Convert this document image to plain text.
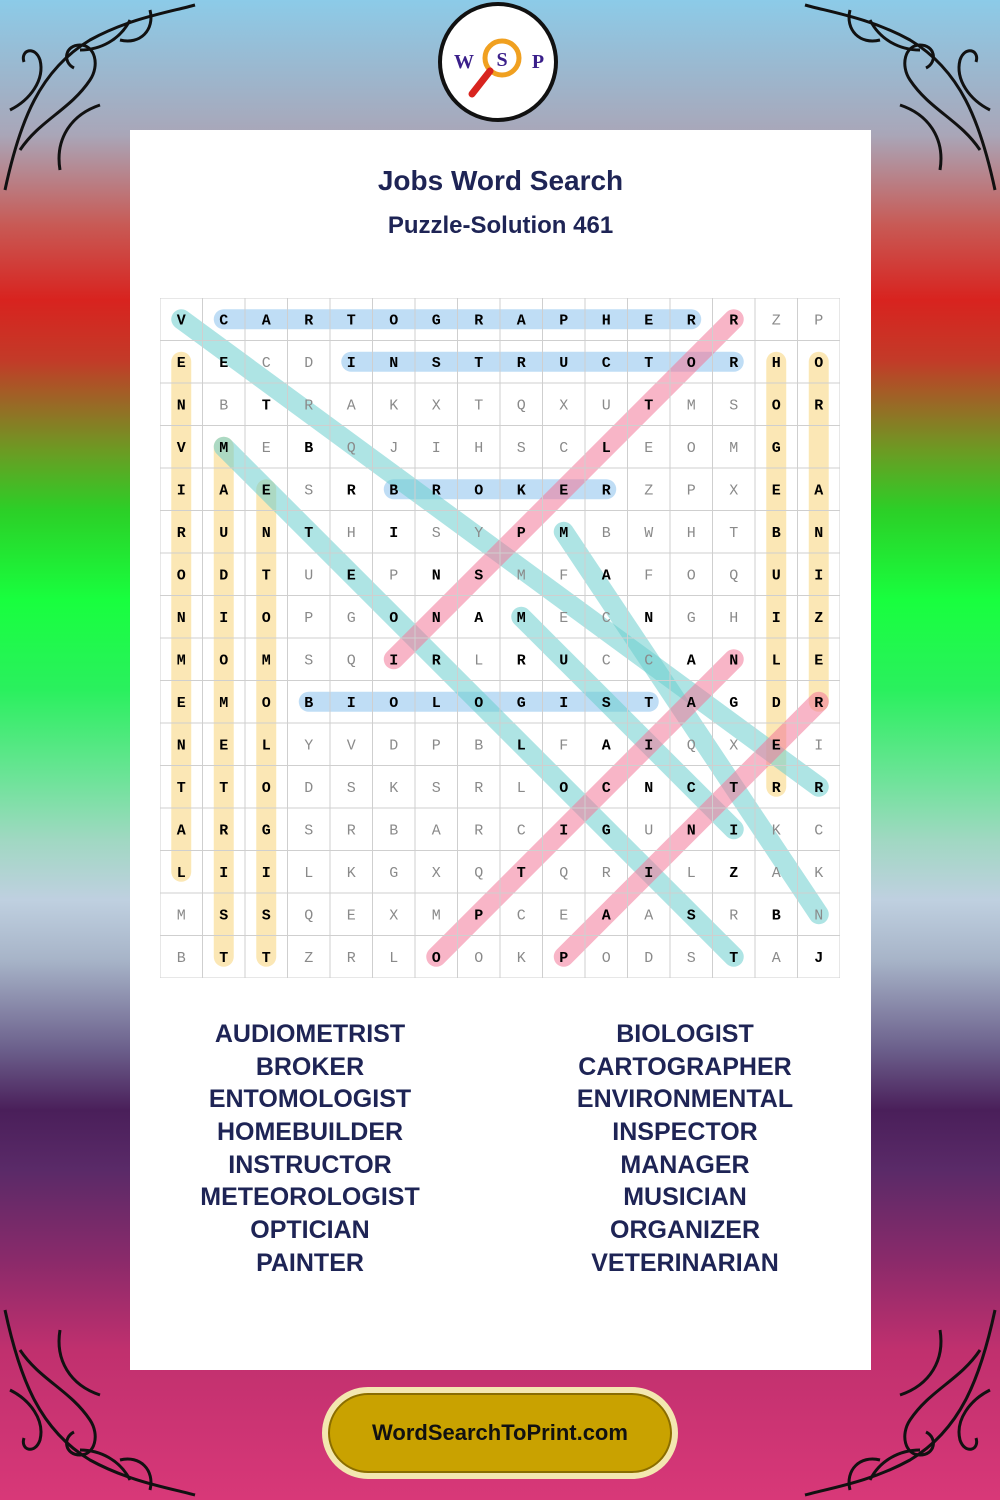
W S P
Jobs Word Search
Puzzle-Solution 461
V C A R T O G R A P H E R R Z P
E E C D I N S T R U C T O R H O
N B T R A K X T Q X U T M S O R
V M E B Q J I H S C L E O M G
I A E S R B R O K E R Z P X E A
R U N T H I S Y P M B W H T B N
O D T U E P N S M F A F O Q U I
N I O P G O N A M E C N G H I Z
M O M S Q I R L R U C C A N L E
E M O B I O L O G I S T A G D R
N E L Y V D P B L F A I Q X E I
T T O D S K S R L O C N C T R R
A R G S R B A R C I G U N I K C
L I I L K G X Q T Q R I L Z A K
M S S Q E X M P C E A A S R B N
B T T Z R L O O K P O D S T A J
AUDIOMETRIST
BROKER
ENTOMOLOGIST
HOMEBUILDER
INSTRUCTOR
METEOROLOGIST
OPTICIAN
PAINTER
BIOLOGIST
CARTOGRAPHER
ENVIRONMENTAL
INSPECTOR
MANAGER
MUSICIAN
ORGANIZER
VETERINARIAN
WordSearchToPrint.com
